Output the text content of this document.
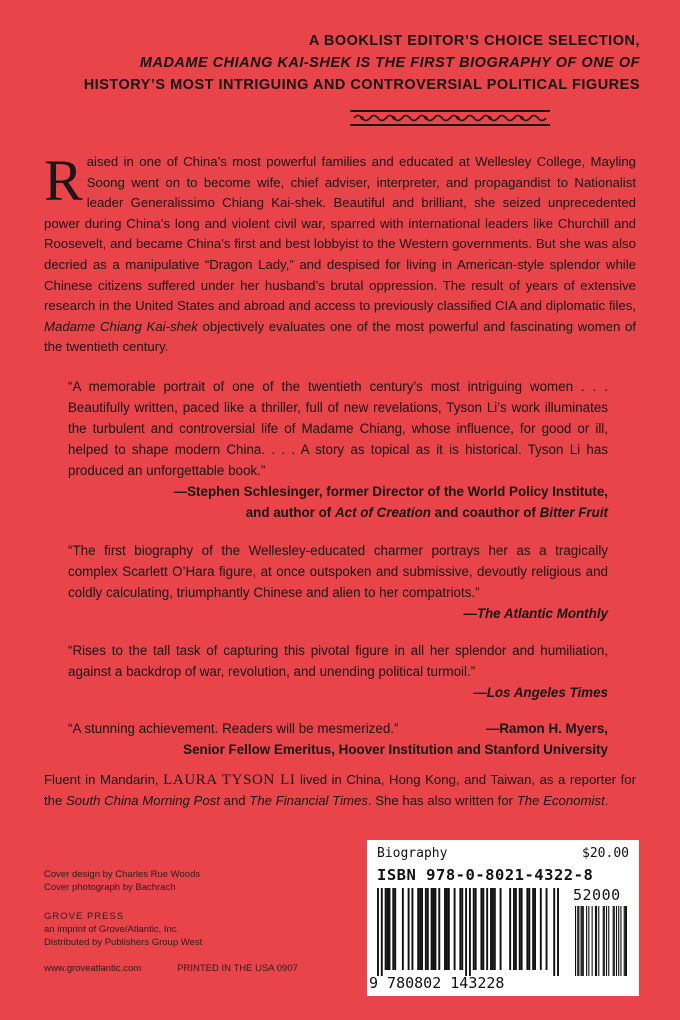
A BOOKLIST EDITOR’S CHOICE SELECTION,
MADAME CHIANG KAI-SHEK IS THE FIRST BIOGRAPHY OF ONE OF
HISTORY’S MOST INTRIGUING AND CONTROVERSIAL POLITICAL FIGURES
Raised in one of China’s most powerful families and educated at Wellesley College, Mayling Soong went on to become wife, chief adviser, interpreter, and propagandist to Nationalist leader Generalissimo Chiang Kai-shek. Beautiful and brilliant, she seized unprecedented power during China’s long and violent civil war, sparred with international leaders like Churchill and Roosevelt, and became China’s first and best lobbyist to the Western governments. But she was also decried as a manipulative “Dragon Lady,” and despised for living in American-style splendor while Chinese citizens suffered under her husband’s brutal oppression. The result of years of extensive research in the United States and abroad and access to previously classified CIA and diplomatic files, Madame Chiang Kai-shek objectively evaluates one of the most powerful and fascinating women of the twentieth century.
“A memorable portrait of one of the twentieth century’s most intriguing women . . . Beautifully written, paced like a thriller, full of new revelations, Tyson Li’s work illuminates the turbulent and controversial life of Madame Chiang, whose influence, for good or ill, helped to shape modern China. . . . A story as topical as it is historical. Tyson Li has produced an unforgettable book.”
—Stephen Schlesinger, former Director of the World Policy Institute,
and author of Act of Creation and coauthor of Bitter Fruit
“The first biography of the Wellesley-educated charmer portrays her as a tragically complex Scarlett O’Hara figure, at once outspoken and submissive, devoutly religious and coldly calculating, triumphantly Chinese and alien to her compatriots.”
—The Atlantic Monthly
“Rises to the tall task of capturing this pivotal figure in all her splendor and humiliation, against a backdrop of war, revolution, and unending political turmoil.”
—Los Angeles Times
“A stunning achievement. Readers will be mesmerized.”	—Ramon H. Myers,
Senior Fellow Emeritus, Hoover Institution and Stanford University
Fluent in Mandarin, LAURA TYSON LI lived in China, Hong Kong, and Taiwan, as a reporter for the South China Morning Post and The Financial Times. She has also written for The Economist.
Cover design by Charles Rue Woods
Cover photograph by Bachrach
GROVE PRESS
an imprint of Grove/Atlantic, Inc.
Distributed by Publishers Group West
www.groveatlantic.com	PRINTED IN THE USA 0907
Biography	$20.00
ISBN 978-0-8021-4322-8
52000
9 780802 143228
